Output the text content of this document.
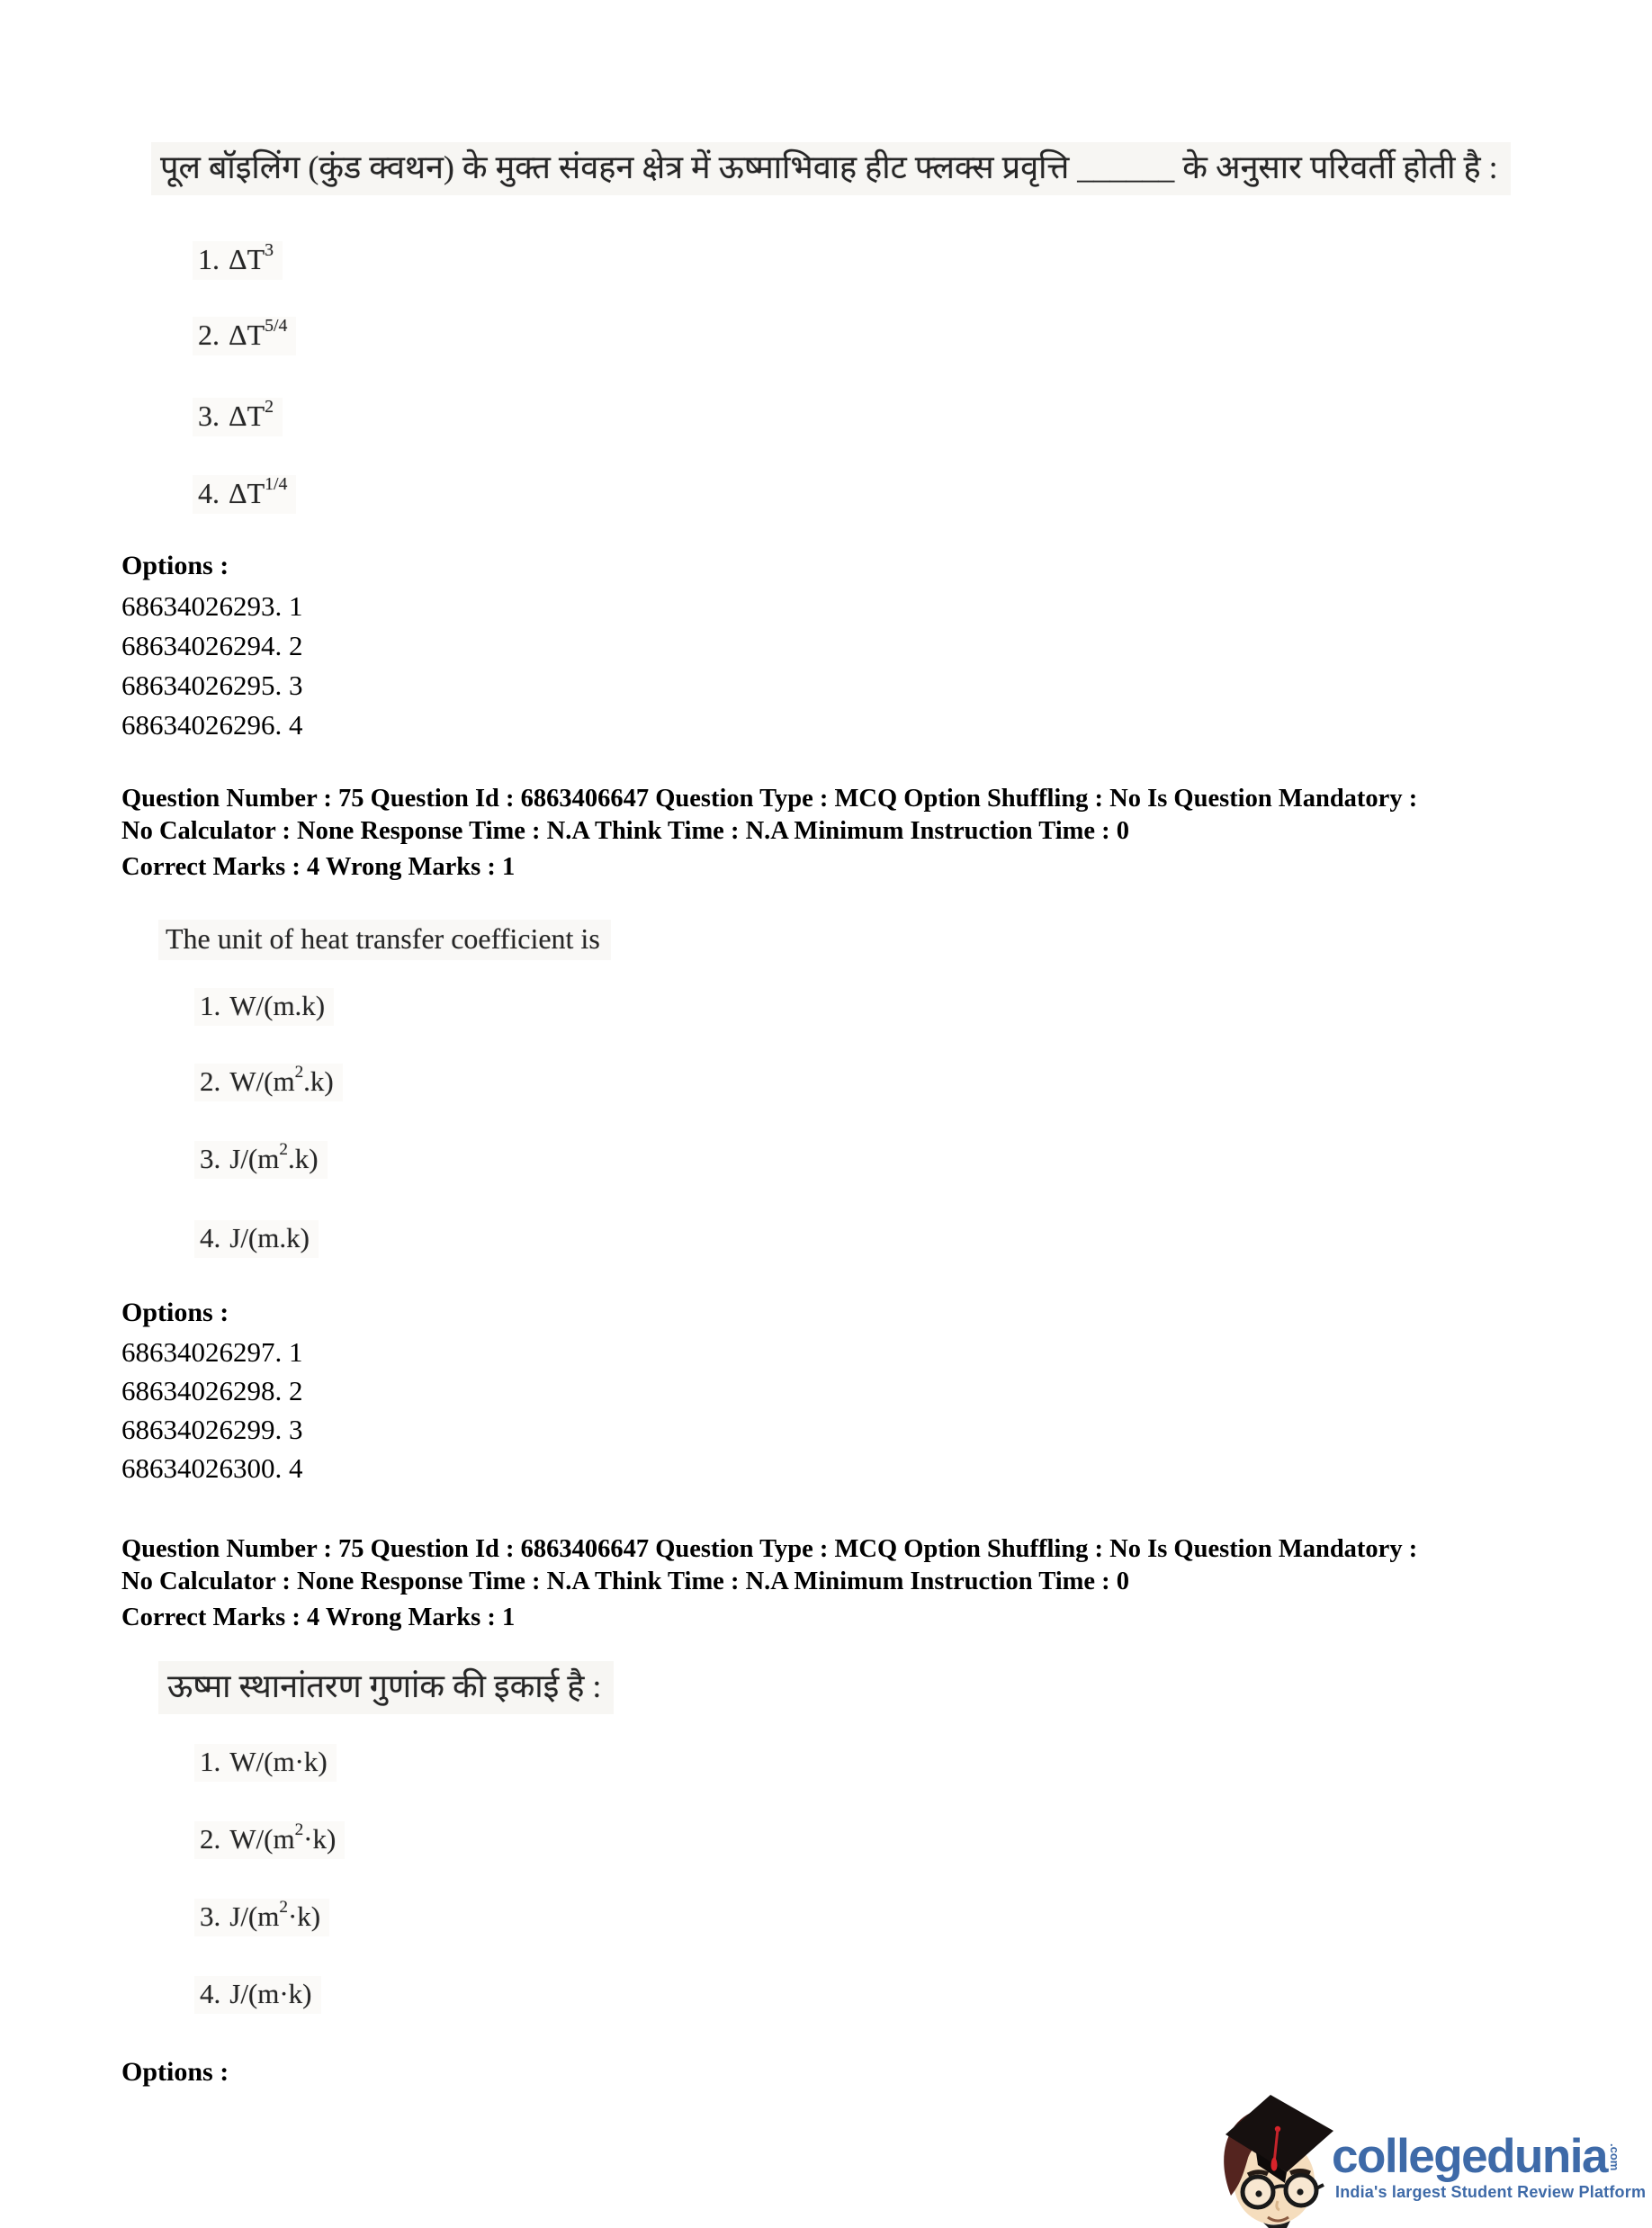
पूल बॉइलिंग (कुंड क्वथन) के मुक्त संवहन क्षेत्र में ऊष्माभिवाह हीट फ्लक्स प्रवृत्ति ______ के अनुसार परिवर्ती होती है :
1. $\Delta T^3$
2. $\Delta T^{5/4}$
3. $\Delta T^2$
4. $\Delta T^{1/4}$
Options :
68634026293. 1
68634026294. 2
68634026295. 3
68634026296. 4
Question Number : 75 Question Id : 6863406647 Question Type : MCQ Option Shuffling : No Is Question Mandatory :
No Calculator : None Response Time : N.A Think Time : N.A Minimum Instruction Time : 0
Correct Marks : 4 Wrong Marks : 1
The unit of heat transfer coefficient is
1. W/(m.k)
2. $W/(m^2.k)$
3. $J/(m^2.k)$
4. J/(m.k)
Options :
68634026297. 1
68634026298. 2
68634026299. 3
68634026300. 4
Question Number : 75 Question Id : 6863406647 Question Type : MCQ Option Shuffling : No Is Question Mandatory :
No Calculator : None Response Time : N.A Think Time : N.A Minimum Instruction Time : 0
Correct Marks : 4 Wrong Marks : 1
ऊष्मा स्थानांतरण गुणांक की इकाई है :
1. W/(m·k)
2. $W/(m^2\cdot k)$
3. $J/(m^2\cdot k)$
4. J/(m·k)
Options :
collegedunia .com
India's largest Student Review Platform
